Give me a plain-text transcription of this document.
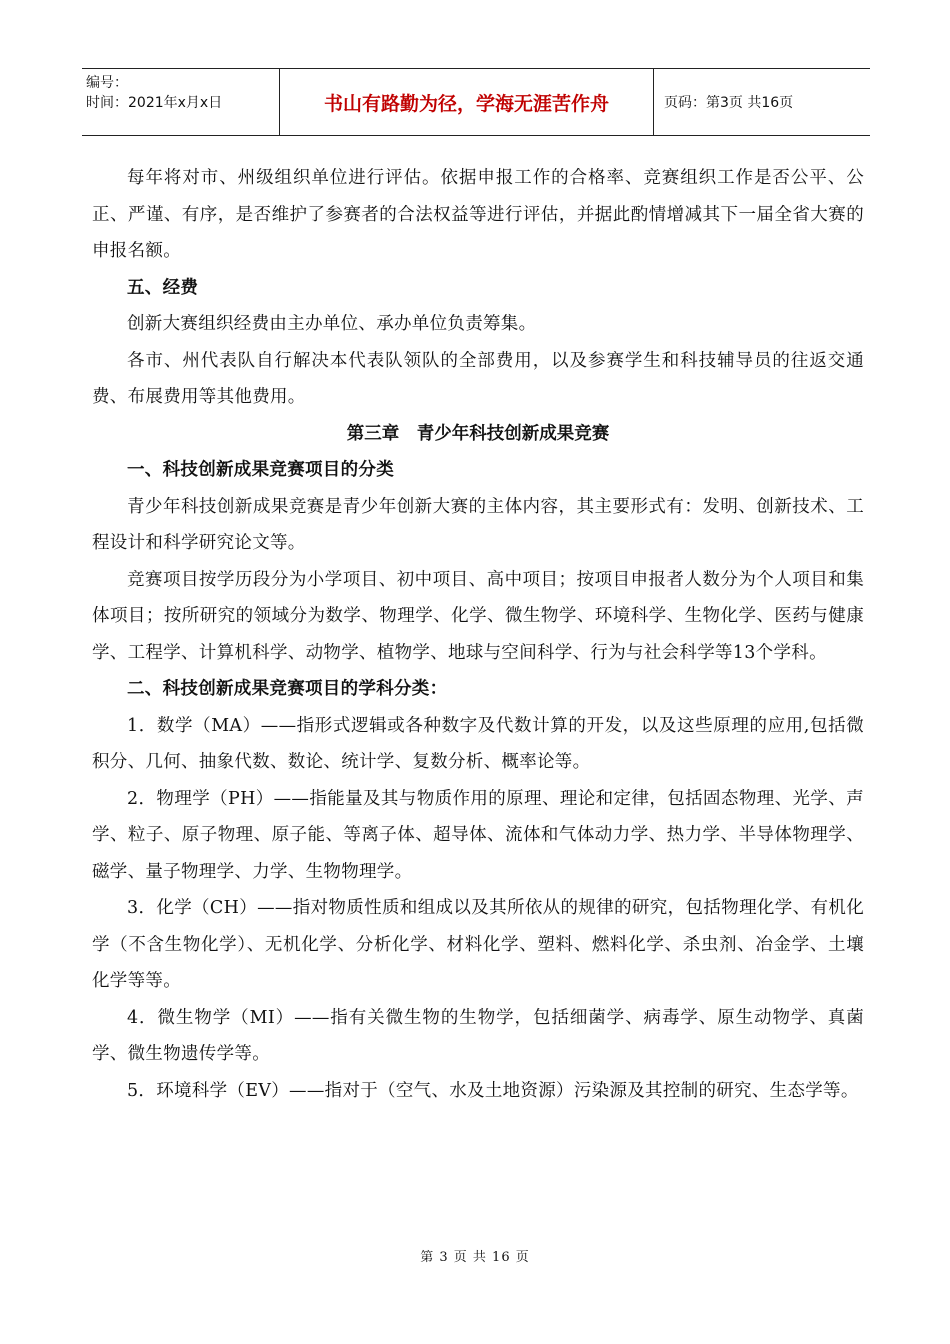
编号：
时间：2021年x月x日	书山有路勤为径，学海无涯苦作舟	页码：第3页 共16页

每年将对市、州级组织单位进行评估。依据申报工作的合格率、竞赛组织工作是否公平、公正、严谨、有序，是否维护了参赛者的合法权益等进行评估，并据此酌情增减其下一届全省大赛的申报名额。

五、经费

创新大赛组织经费由主办单位、承办单位负责筹集。

各市、州代表队自行解决本代表队领队的全部费用，以及参赛学生和科技辅导员的往返交通费、布展费用等其他费用。

第三章　青少年科技创新成果竞赛

一、科技创新成果竞赛项目的分类

青少年科技创新成果竞赛是青少年创新大赛的主体内容，其主要形式有：发明、创新技术、工程设计和科学研究论文等。

竞赛项目按学历段分为小学项目、初中项目、高中项目；按项目申报者人数分为个人项目和集体项目；按所研究的领域分为数学、物理学、化学、微生物学、环境科学、生物化学、医药与健康学、工程学、计算机科学、动物学、植物学、地球与空间科学、行为与社会科学等13个学科。

二、科技创新成果竞赛项目的学科分类：

1．数学（MA）——指形式逻辑或各种数字及代数计算的开发，以及这些原理的应用,包括微积分、几何、抽象代数、数论、统计学、复数分析、概率论等。

2．物理学（PH）——指能量及其与物质作用的原理、理论和定律，包括固态物理、光学、声学、粒子、原子物理、原子能、等离子体、超导体、流体和气体动力学、热力学、半导体物理学、磁学、量子物理学、力学、生物物理学。

3．化学（CH）——指对物质性质和组成以及其所依从的规律的研究，包括物理化学、有机化学（不含生物化学）、无机化学、分析化学、材料化学、塑料、燃料化学、杀虫剂、冶金学、土壤化学等等。

4．微生物学（MI）——指有关微生物的生物学，包括细菌学、病毒学、原生动物学、真菌学、微生物遗传学等。

5．环境科学（EV）——指对于（空气、水及土地资源）污染源及其控制的研究、生态学等。

第 3 页 共 16 页
